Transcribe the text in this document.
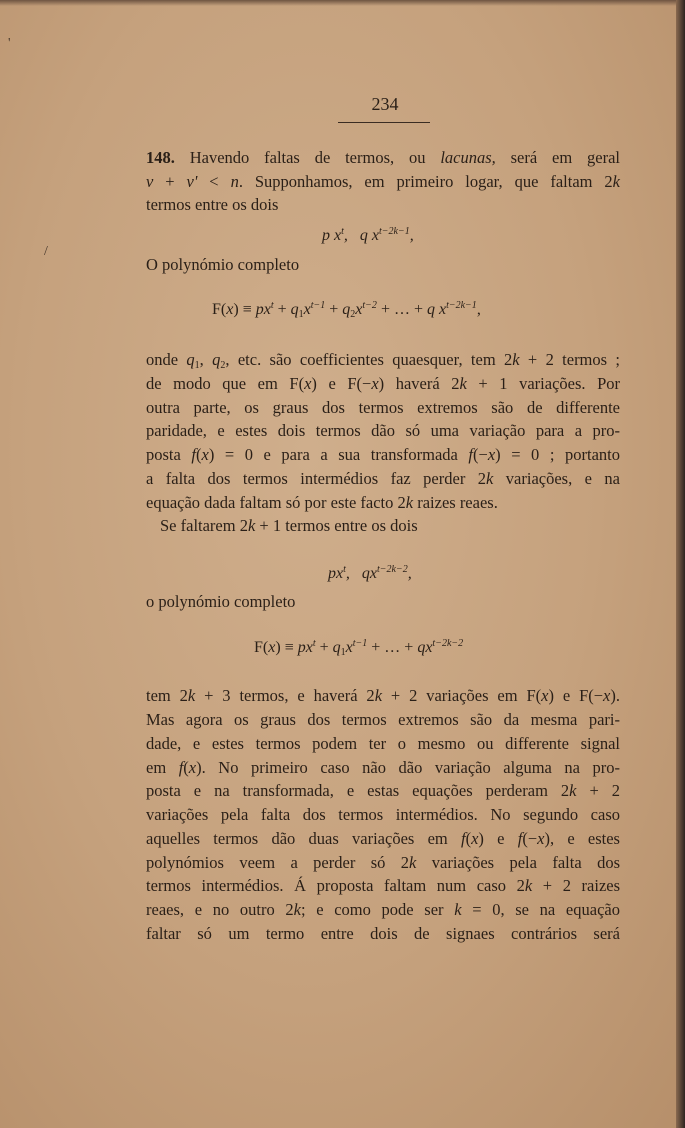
'
/
234
148. Havendo faltas de termos, ou lacunas, será em geral
v + v' < n. Supponhamos, em primeiro logar, que faltam 2k
termos entre os dois
p $x^t$, q $x^{t-2k-1}$,
O polynómio completo
$F(x) \equiv px^t + q_1x^{t-1} + q_2x^{t-2}$ + … + q $x^{t-2k-1}$,
onde $q_1$, $q_2$, etc. são coefficientes quaesquer, tem 2k + 2 termos ;
de modo que em F(x) e F(−x) haverá 2k + 1 variações. Por
outra parte, os graus dos termos extremos são de differente
paridade, e estes dois termos dão só uma variação para a pro-
posta f(x) = 0 e para a sua transformada f(−x) = 0 ; portanto
a falta dos termos intermédios faz perder 2k variações, e na
equação dada faltam só por este facto 2k raizes reaes.
Se faltarem 2k + 1 termos entre os dois
$px^t$, $qx^{t-2k-2}$,
o polynómio completo
$F(x) \equiv px^t + q_1x^{t-1}$ + … + $qx^{t-2k-2}$
tem 2k + 3 termos, e haverá 2k + 2 variações em F(x) e F(−x).
Mas agora os graus dos termos extremos são da mesma pari-
dade, e estes termos podem ter o mesmo ou differente signal
em f(x). No primeiro caso não dão variação alguma na pro-
posta e na transformada, e estas equações perderam 2k + 2
variações pela falta dos termos intermédios. No segundo caso
aquelles termos dão duas variações em f(x) e f(−x), e estes
polynómios veem a perder só 2k variações pela falta dos
termos intermédios. Á proposta faltam num caso 2k + 2 raizes
reaes, e no outro 2k; e como pode ser k = 0, se na equação
faltar só um termo entre dois de signaes contrários será
